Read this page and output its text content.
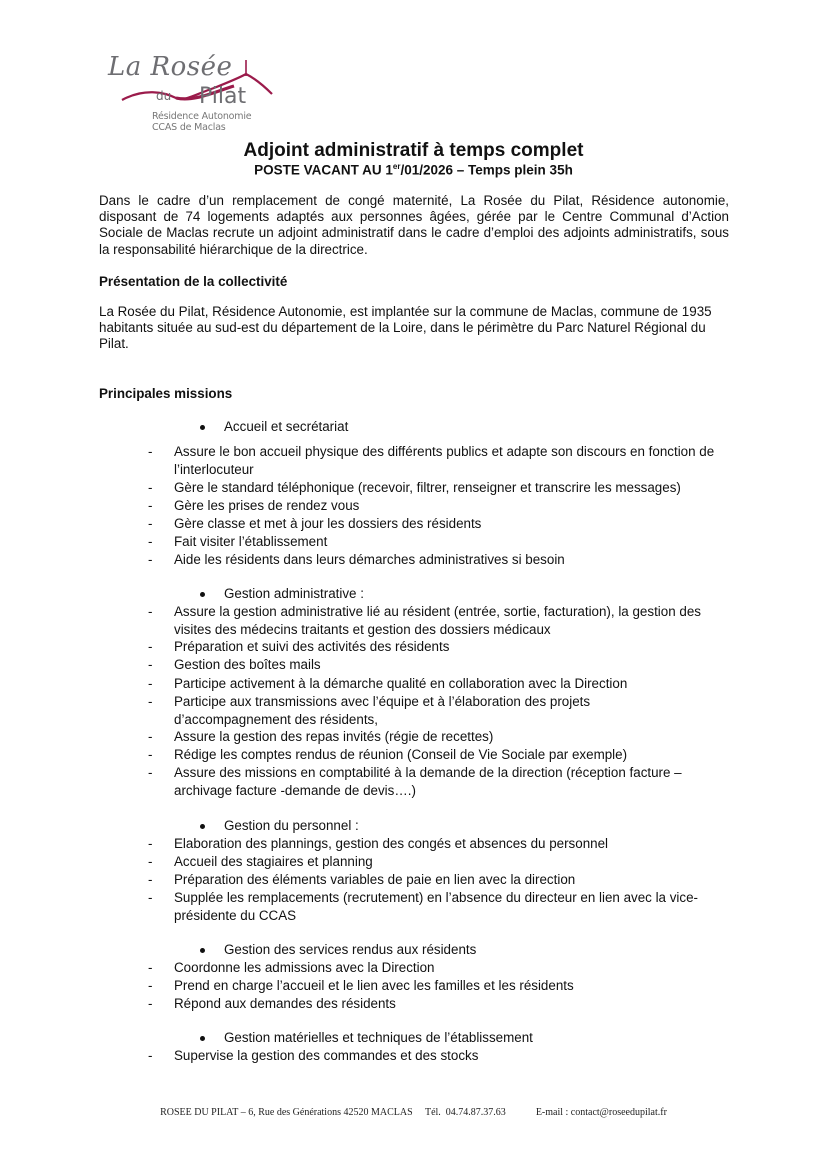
La Rosée
du Pilat
Résidence Autonomie
CCAS de Maclas
Adjoint administratif à temps complet

POSTE VACANT AU 1er/01/2026 – Temps plein 35h

Dans le cadre d’un remplacement de congé maternité, La Rosée du Pilat, Résidence autonomie, disposant de 74 logements adaptés aux personnes âgées, gérée par le Centre Communal d’Action Sociale de Maclas recrute un adjoint administratif dans le cadre d’emploi des adjoints administratifs, sous la responsabilité hiérarchique de la directrice.

Présentation de la collectivité

La Rosée du Pilat, Résidence Autonomie, est implantée sur la commune de Maclas, commune de 1935 habitants située au sud-est du département de la Loire, dans le périmètre du Parc Naturel Régional du Pilat.

Principales missions

Accueil et secrétariat
- Assure le bon accueil physique des différents publics et adapte son discours en fonction de l’interlocuteur
- Gère le standard téléphonique (recevoir, filtrer, renseigner et transcrire les messages)
- Gère les prises de rendez vous
- Gère classe et met à jour les dossiers des résidents
- Fait visiter l’établissement
- Aide les résidents dans leurs démarches administratives si besoin
Gestion administrative :
- Assure la gestion administrative lié au résident (entrée, sortie, facturation), la gestion des visites des médecins traitants et gestion des dossiers médicaux
- Préparation et suivi des activités des résidents
- Gestion des boîtes mails
- Participe activement à la démarche qualité en collaboration avec la Direction
- Participe aux transmissions avec l’équipe et à l’élaboration des projets d’accompagnement des résidents,
- Assure la gestion des repas invités (régie de recettes)
- Rédige les comptes rendus de réunion (Conseil de Vie Sociale par exemple)
- Assure des missions en comptabilité à la demande de la direction (réception facture – archivage facture -demande de devis….)
Gestion du personnel :
- Elaboration des plannings, gestion des congés et absences du personnel
- Accueil des stagiaires et planning
- Préparation des éléments variables de paie en lien avec la direction
- Supplée les remplacements (recrutement) en l’absence du directeur en lien avec la vice-présidente du CCAS
Gestion des services rendus aux résidents
- Coordonne les admissions avec la Direction
- Prend en charge l’accueil et le lien avec les familles et les résidents
- Répond aux demandes des résidents
Gestion matérielles et techniques de l’établissement
- Supervise la gestion des commandes et des stocks
ROSEE DU PILAT – 6, Rue des Générations 42520 MACLAS Tél.  04.74.87.37.63	E-mail : contact@roseedupilat.fr
